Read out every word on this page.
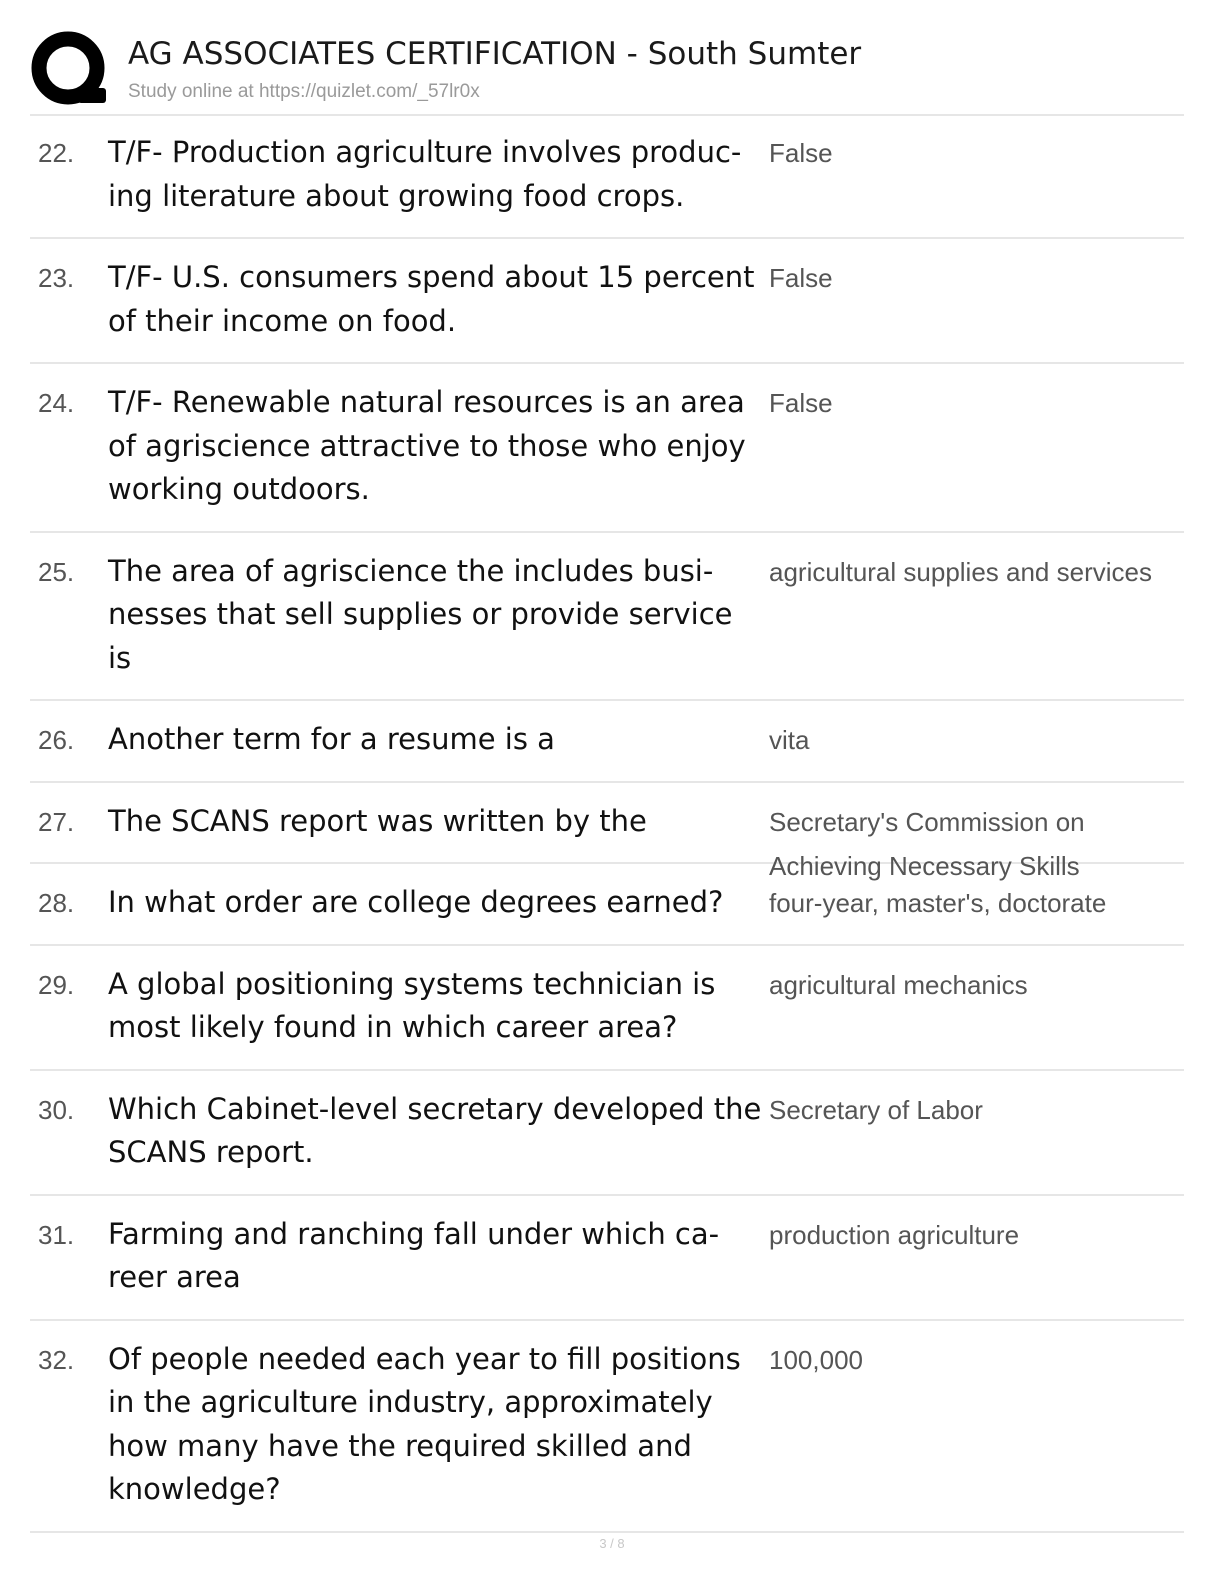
AG ASSOCIATES CERTIFICATION - South Sumter
Study online at https://quizlet.com/_57lr0x
22. T/F- Production agriculture involves produc-ing literature about growing food crops.
False
23. T/F- U.S. consumers spend about 15 percent of their income on food.
False
24. T/F- Renewable natural resources is an area of agriscience attractive to those who enjoy working outdoors.
False
25. The area of agriscience the includes busi-nesses that sell supplies or provide service is
agricultural supplies and services
26. Another term for a resume is a	vita
27. The SCANS report was written by the	Secretary's Commission on Achieving Necessary Skills
28. In what order are college degrees earned?	four-year, master's, doctorate
29. A global positioning systems technician is most likely found in which career area?
agricultural mechanics
30. Which Cabinet-level secretary developed the SCANS report.
Secretary of Labor
31. Farming and ranching fall under which ca-reer area
production agriculture
32. Of people needed each year to fill positions in the agriculture industry, approximately how many have the required skilled and knowledge?
100,000
3 / 8
